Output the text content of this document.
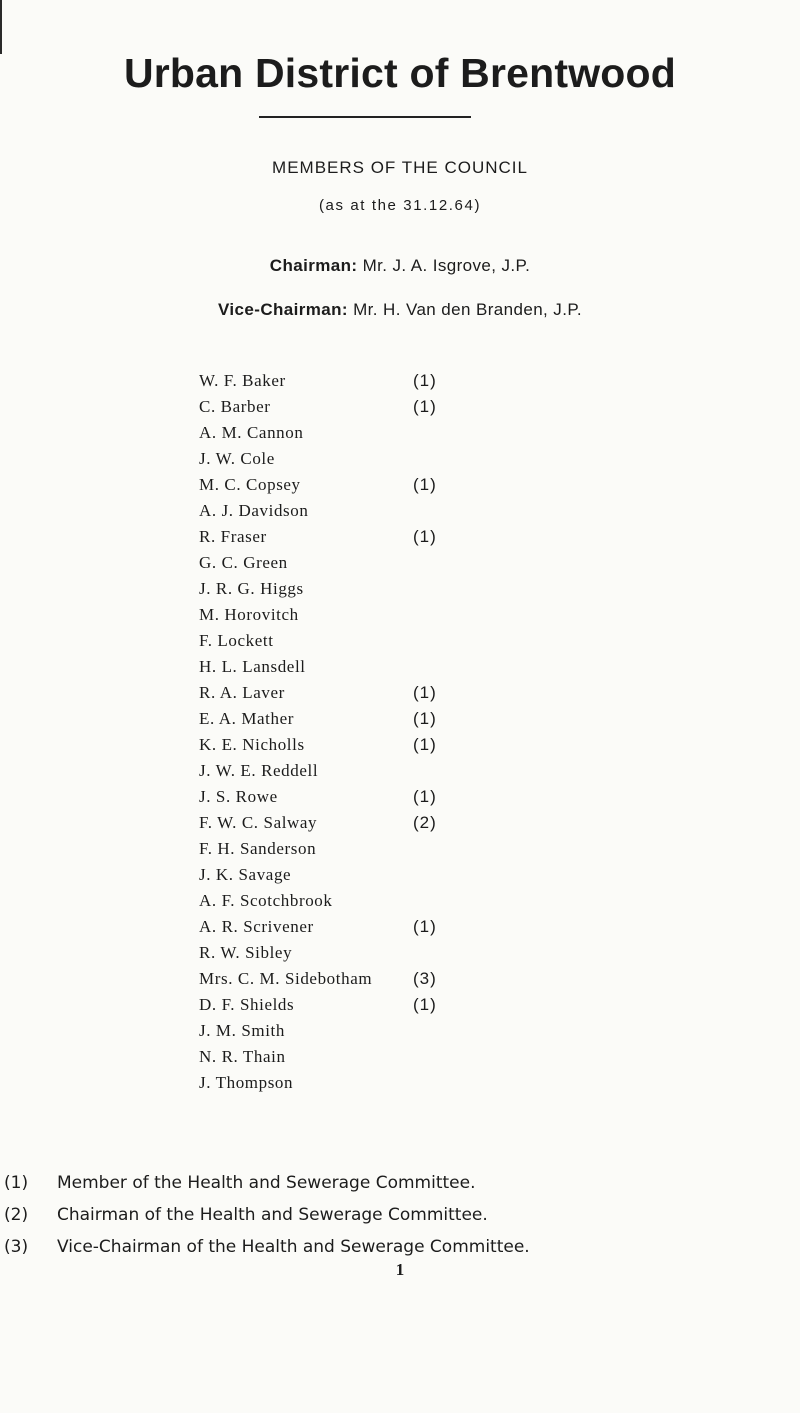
Urban District of Brentwood
MEMBERS OF THE COUNCIL
(as at the 31.12.64)
Chairman: Mr. J. A. Isgrove, J.P.
Vice-Chairman: Mr. H. Van den Branden, J.P.
W. F. Baker	(1)
C. Barber	(1)
A. M. Cannon
J. W. Cole
M. C. Copsey	(1)
A. J. Davidson
R. Fraser	(1)
G. C. Green
J. R. G. Higgs
M. Horovitch
F. Lockett
H. L. Lansdell
R. A. Laver	(1)
E. A. Mather	(1)
K. E. Nicholls	(1)
J. W. E. Reddell
J. S. Rowe	(1)
F. W. C. Salway	(2)
F. H. Sanderson
J. K. Savage
A. F. Scotchbrook
A. R. Scrivener	(1)
R. W. Sibley
Mrs. C. M. Sidebotham (3)
D. F. Shields	(1)
J. M. Smith
N. R. Thain
J. Thompson
(1) Member of the Health and Sewerage Committee.
(2) Chairman of the Health and Sewerage Committee.
(3) Vice-Chairman of the Health and Sewerage Committee.
1
